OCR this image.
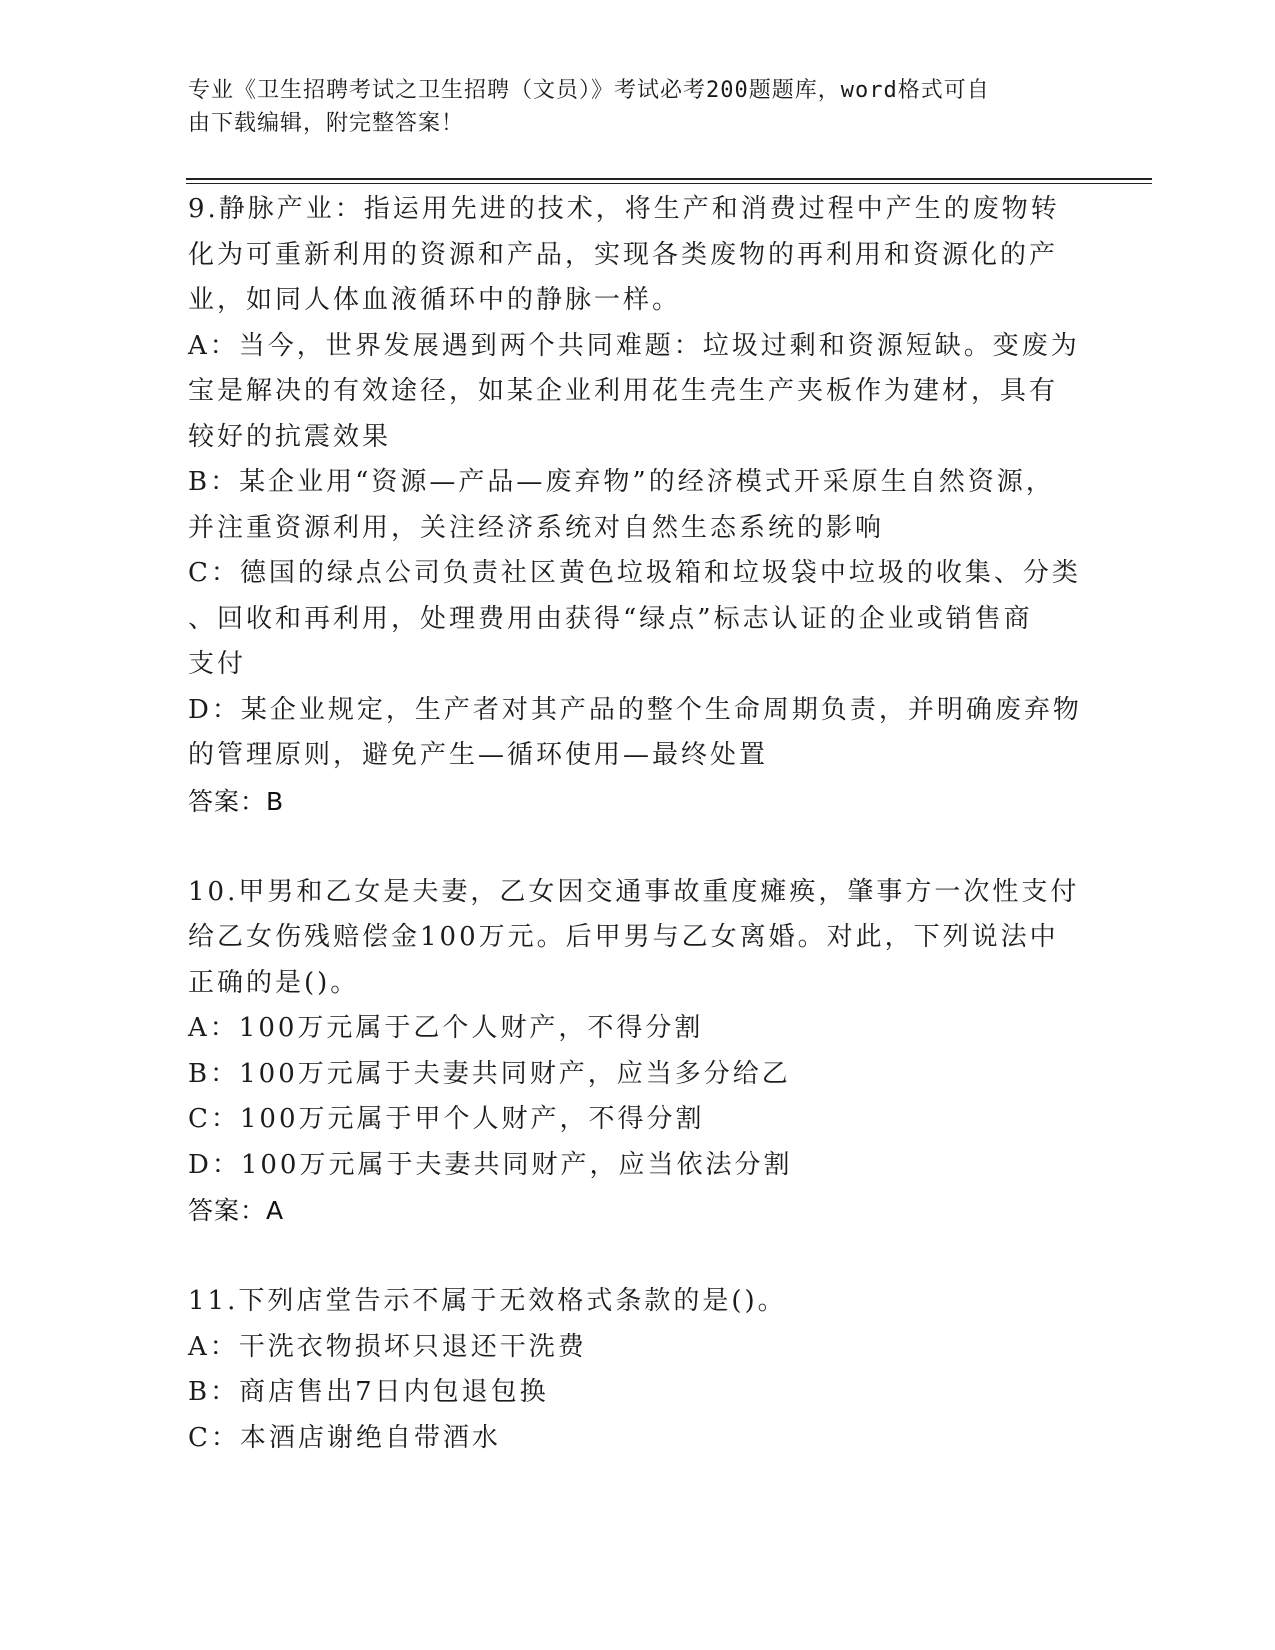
专业《卫生招聘考试之卫生招聘（文员）》考试必考200题题库，word格式可自
由下载编辑，附完整答案！
9.静脉产业：指运用先进的技术，将生产和消费过程中产生的废物转
化为可重新利用的资源和产品，实现各类废物的再利用和资源化的产
业，如同人体血液循环中的静脉一样。
A：当今，世界发展遇到两个共同难题：垃圾过剩和资源短缺。变废为
宝是解决的有效途径，如某企业利用花生壳生产夹板作为建材，具有
较好的抗震效果
B：某企业用“资源—产品—废弃物”的经济模式开采原生自然资源，
并注重资源利用，关注经济系统对自然生态系统的影响
C：德国的绿点公司负责社区黄色垃圾箱和垃圾袋中垃圾的收集、分类
、回收和再利用，处理费用由获得“绿点”标志认证的企业或销售商
支付
D：某企业规定，生产者对其产品的整个生命周期负责，并明确废弃物
的管理原则，避免产生—循环使用—最终处置
答案：B
10.甲男和乙女是夫妻，乙女因交通事故重度瘫痪，肇事方一次性支付
给乙女伤残赔偿金100万元。后甲男与乙女离婚。对此，下列说法中
正确的是()。
A：100万元属于乙个人财产，不得分割
B：100万元属于夫妻共同财产，应当多分给乙
C：100万元属于甲个人财产，不得分割
D：100万元属于夫妻共同财产，应当依法分割
答案：A
11.下列店堂告示不属于无效格式条款的是()。
A：干洗衣物损坏只退还干洗费
B：商店售出7日内包退包换
C：本酒店谢绝自带酒水
